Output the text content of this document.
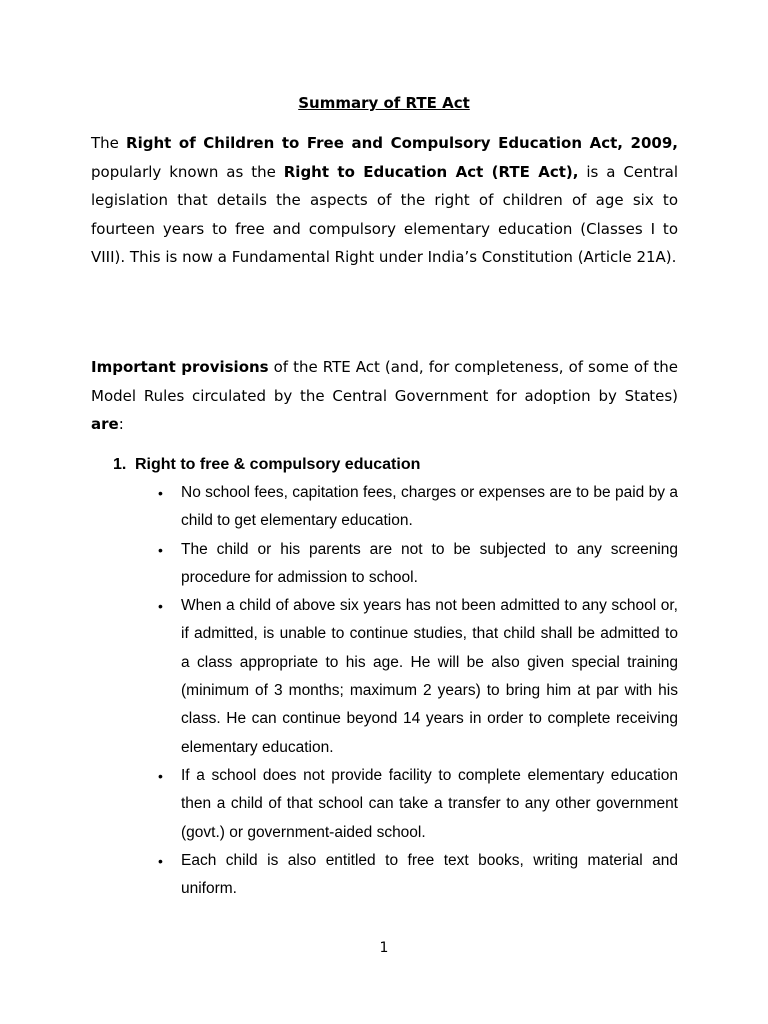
Summary of RTE Act

The Right of Children to Free and Compulsory Education Act, 2009, popularly known as the Right to Education Act (RTE Act), is a Central legislation that details the aspects of the right of children of age six to fourteen years to free and compulsory elementary education (Classes I to VIII). This is now a Fundamental Right under India’s Constitution (Article 21A).

Important provisions of the RTE Act (and, for completeness, of some of the Model Rules circulated by the Central Government for adoption by States) are:

1. Right to free & compulsory education
•	No school fees, capitation fees, charges or expenses are to be paid by a child to get elementary education.
•	The child or his parents are not to be subjected to any screening procedure for admission to school.
•	When a child of above six years has not been admitted to any school or, if admitted, is unable to continue studies, that child shall be admitted to a class appropriate to his age. He will be also given special training (minimum of 3 months; maximum 2 years) to bring him at par with his class. He can continue beyond 14 years in order to complete receiving elementary education.
•	If a school does not provide facility to complete elementary education then a child of that school can take a transfer to any other government (govt.) or government-aided school.
•	Each child is also entitled to free text books, writing material and uniform.
1
